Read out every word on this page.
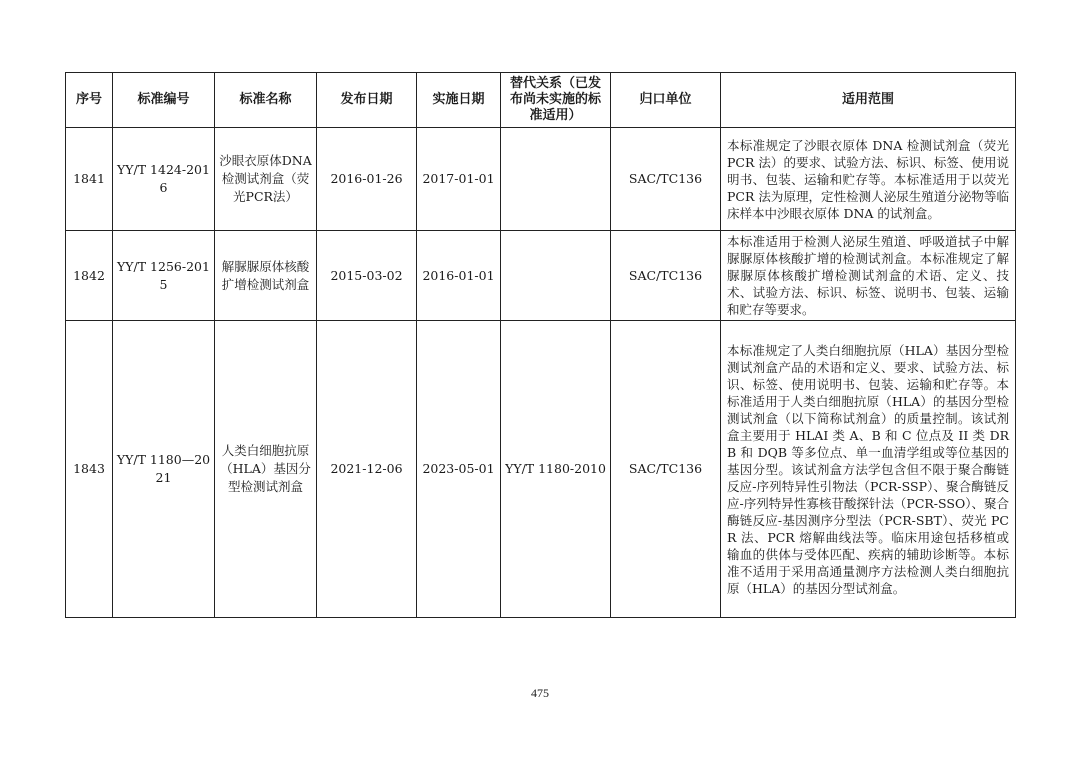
序号	标准编号	标准名称	发布日期	实施日期	替代关系（已发布尚未实施的标准适用）	归口单位	适用范围
1841	YY/T 1424-2016	沙眼衣原体DNA检测试剂盒（荧光PCR法）	2016-01-26	2017-01-01		SAC/TC136	本标准规定了沙眼衣原体 DNA 检测试剂盒（荧光 PCR 法）的要求、试验方法、标识、标签、使用说明书、包装、运输和贮存等。本标准适用于以荧光 PCR 法为原理，定性检测人泌尿生殖道分泌物等临床样本中沙眼衣原体 DNA 的试剂盒。
1842	YY/T 1256-2015	解脲脲原体核酸扩增检测试剂盒	2015-03-02	2016-01-01		SAC/TC136	本标准适用于检测人泌尿生殖道、呼吸道拭子中解脲脲原体核酸扩增的检测试剂盒。本标准规定了解脲脲原体核酸扩增检测试剂盒的术语、定义、技术、试验方法、标识、标签、说明书、包装、运输和贮存等要求。
1843	YY/T 1180—2021	人类白细胞抗原（HLA）基因分型检测试剂盒	2021-12-06	2023-05-01	YY/T 1180-2010	SAC/TC136	本标准规定了人类白细胞抗原（HLA）基因分型检测试剂盒产品的术语和定义、要求、试验方法、标识、标签、使用说明书、包装、运输和贮存等。本标准适用于人类白细胞抗原（HLA）的基因分型检测试剂盒（以下简称试剂盒）的质量控制。该试剂盒主要用于 HLAI 类 A、B 和 C 位点及 II 类 DRB 和 DQB 等多位点、单一血清学组或等位基因的基因分型。该试剂盒方法学包含但不限于聚合酶链反应-序列特异性引物法（PCR-SSP）、聚合酶链反应-序列特异性寡核苷酸探针法（PCR-SSO）、聚合酶链反应-基因测序分型法（PCR-SBT）、荧光 PCR 法、PCR 熔解曲线法等。临床用途包括移植或输血的供体与受体匹配、疾病的辅助诊断等。本标准不适用于采用高通量测序方法检测人类白细胞抗原（HLA）的基因分型试剂盒。
475
